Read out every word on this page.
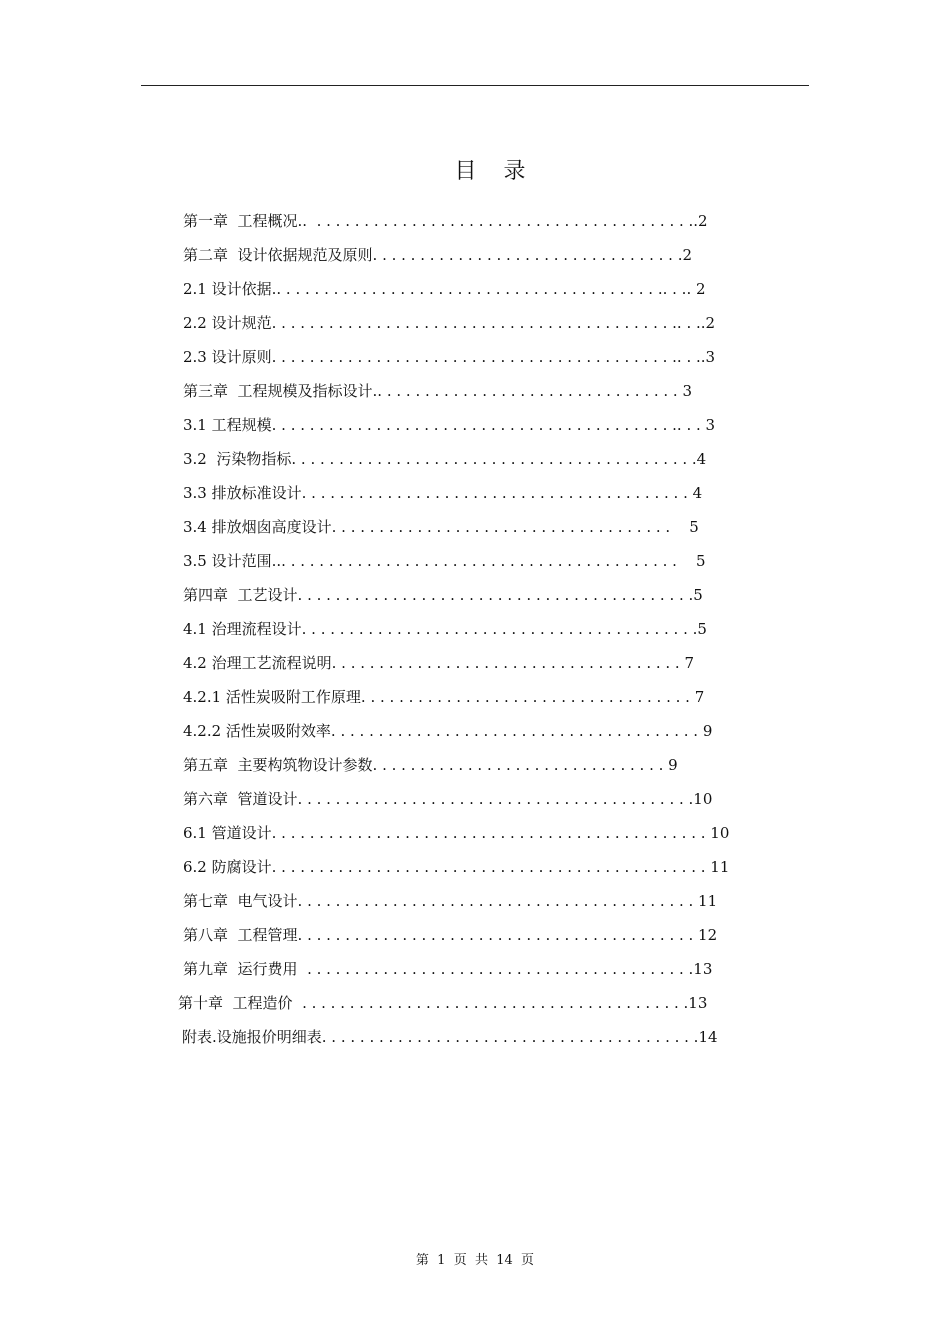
目 录
第一章  工程概况..  . . . . . . . . . . . . . . . . . . . . . . . . . . . . . . . . . . . . . . . ..2
第二章  设计依据规范及原则. . . . . . . . . . . . . . . . . . . . . . . . . . . . . . . . .2
2.1 设计依据.. . . . . . . . . . . . . . . . . . . . . . . . . . . . . . . . . . . . . . . . .. . .. 2
2.2 设计规范. . . . . . . . . . . . . . . . . . . . . . . . . . . . . . . . . . . . . . . . . . .. . ..2
2.3 设计原则. . . . . . . . . . . . . . . . . . . . . . . . . . . . . . . . . . . . . . . . . . .. . ..3
第三章  工程规模及指标设计.. . . . . . . . . . . . . . . . . . . . . . . . . . . . . . . . 3
3.1 工程规模. . . . . . . . . . . . . . . . . . . . . . . . . . . . . . . . . . . . . . . . . . .. . . 3
3.2  污染物指标. . . . . . . . . . . . . . . . . . . . . . . . . . . . . . . . . . . . . . . . . . .4
3.3 排放标准设计. . . . . . . . . . . . . . . . . . . . . . . . . . . . . . . . . . . . . . . . . 4
3.4 排放烟囱高度设计. . . . . . . . . . . . . . . . . . . . . . . . . . . . . . . . . . . .    5
3.5 设计范围... . . . . . . . . . . . . . . . . . . . . . . . . . . . . . . . . . . . . . . . . .    5
第四章  工艺设计. . . . . . . . . . . . . . . . . . . . . . . . . . . . . . . . . . . . . . . . . .5
4.1 治理流程设计. . . . . . . . . . . . . . . . . . . . . . . . . . . . . . . . . . . . . . . . . .5
4.2 治理工艺流程说明. . . . . . . . . . . . . . . . . . . . . . . . . . . . . . . . . . . . . 7
4.2.1 活性炭吸附工作原理. . . . . . . . . . . . . . . . . . . . . . . . . . . . . . . . . . . 7
4.2.2 活性炭吸附效率. . . . . . . . . . . . . . . . . . . . . . . . . . . . . . . . . . . . . . . 9
第五章  主要构筑物设计参数. . . . . . . . . . . . . . . . . . . . . . . . . . . . . . . 9
第六章  管道设计. . . . . . . . . . . . . . . . . . . . . . . . . . . . . . . . . . . . . . . . . .10
6.1 管道设计. . . . . . . . . . . . . . . . . . . . . . . . . . . . . . . . . . . . . . . . . . . . . . 10
6.2 防腐设计. . . . . . . . . . . . . . . . . . . . . . . . . . . . . . . . . . . . . . . . . . . . . . 11
第七章  电气设计. . . . . . . . . . . . . . . . . . . . . . . . . . . . . . . . . . . . . . . . . . 11
第八章  工程管理. . . . . . . . . . . . . . . . . . . . . . . . . . . . . . . . . . . . . . . . . . 12
第九章  运行费用  . . . . . . . . . . . . . . . . . . . . . . . . . . . . . . . . . . . . . . . . .13
第十章  工程造价  . . . . . . . . . . . . . . . . . . . . . . . . . . . . . . . . . . . . . . . . .13
附表.设施报价明细表. . . . . . . . . . . . . . . . . . . . . . . . . . . . . . . . . . . . . . . .14
第  1  页  共  14  页
